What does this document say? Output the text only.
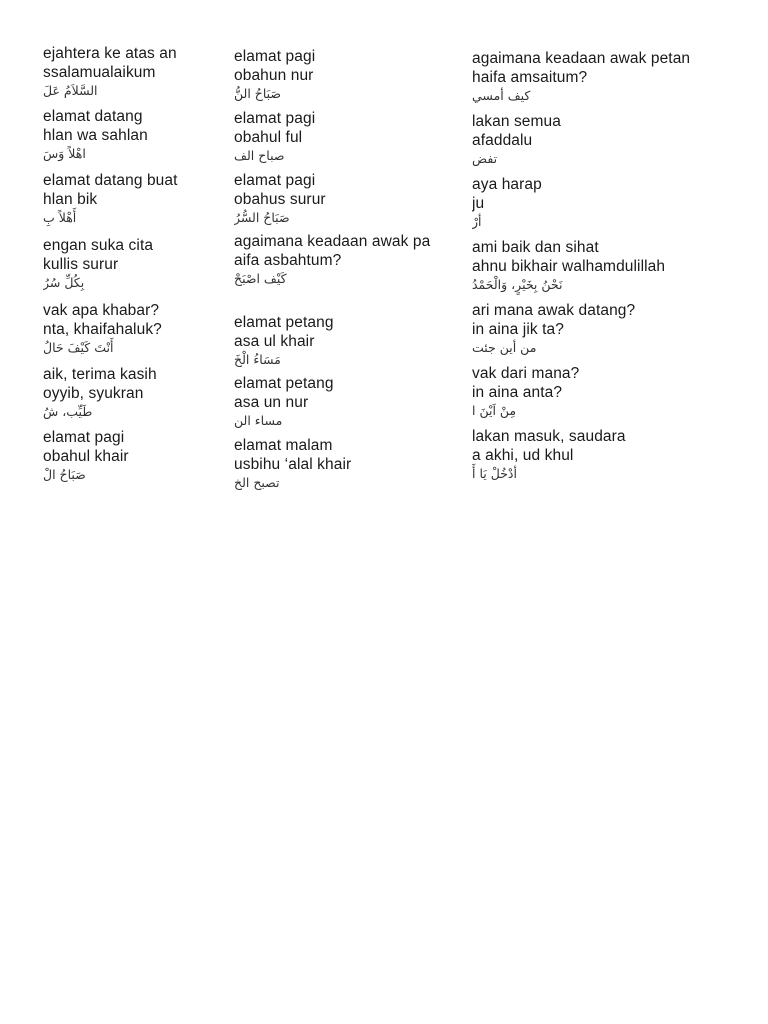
ejahtera ke atas an
ssalamualaikum
السَّلاَمُ عَلَ
elamat datang
hlan wa sahlan
اهْلاً وَسَ
elamat datang buat
hlan bik
أَهْلاً بِ
engan suka cita
kullis surur
بِكُلِّ سُرُ
vak apa khabar?
nta, khaifahaluk?
أَنْتَ كَيْفَ حَالُ
aik, terima kasih
oyyib, syukran
طَيِّب، شُ
elamat pagi
obahul khair
صَبَاحُ الْ
elamat pagi
obahun nur
صَبَاحُ النُّ
elamat pagi
obahul ful
صباح الف
elamat pagi
obahus surur
صَبَاحُ السُّرُ
agaimana keadaan awak pa
aifa asbahtum?
كَيْف اصْبَحْ
elamat petang
asa ul khair
مَسَاءُ الْخَ
elamat petang
asa un nur
مساء الن
elamat malam
usbihu ‘alal khair
تصبح الخ
agaimana keadaan awak petan
haifa amsaitum?
كيف أمسي
lakan semua
afaddalu
تفض
aya harap
ju
أرْ
ami baik dan sihat
ahnu bikhair walhamdulillah
نَحْنُ بِخَيْرٍ، وَالْحَمْدُ
ari mana awak datang?
in aina jik ta?
من أين جئت
vak dari mana?
in aina anta?
مِنْ اَيْنَ ا
lakan masuk, saudara
a akhi, ud khul
أدْخُلْ يَا أَ
